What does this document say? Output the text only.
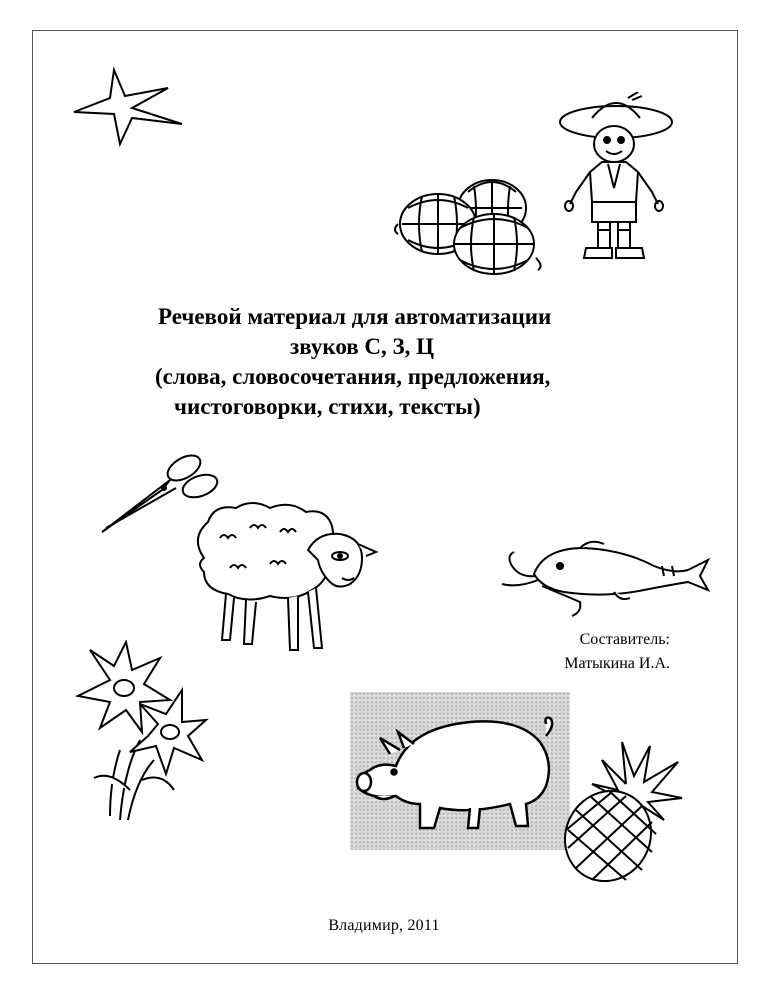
Речевой материал для автоматизации
звуков С, З, Ц
(слова, словосочетания, предложения,
чистоговорки, стихи, тексты)
Составитель:
Матыкина И.А.
Владимир, 2011
